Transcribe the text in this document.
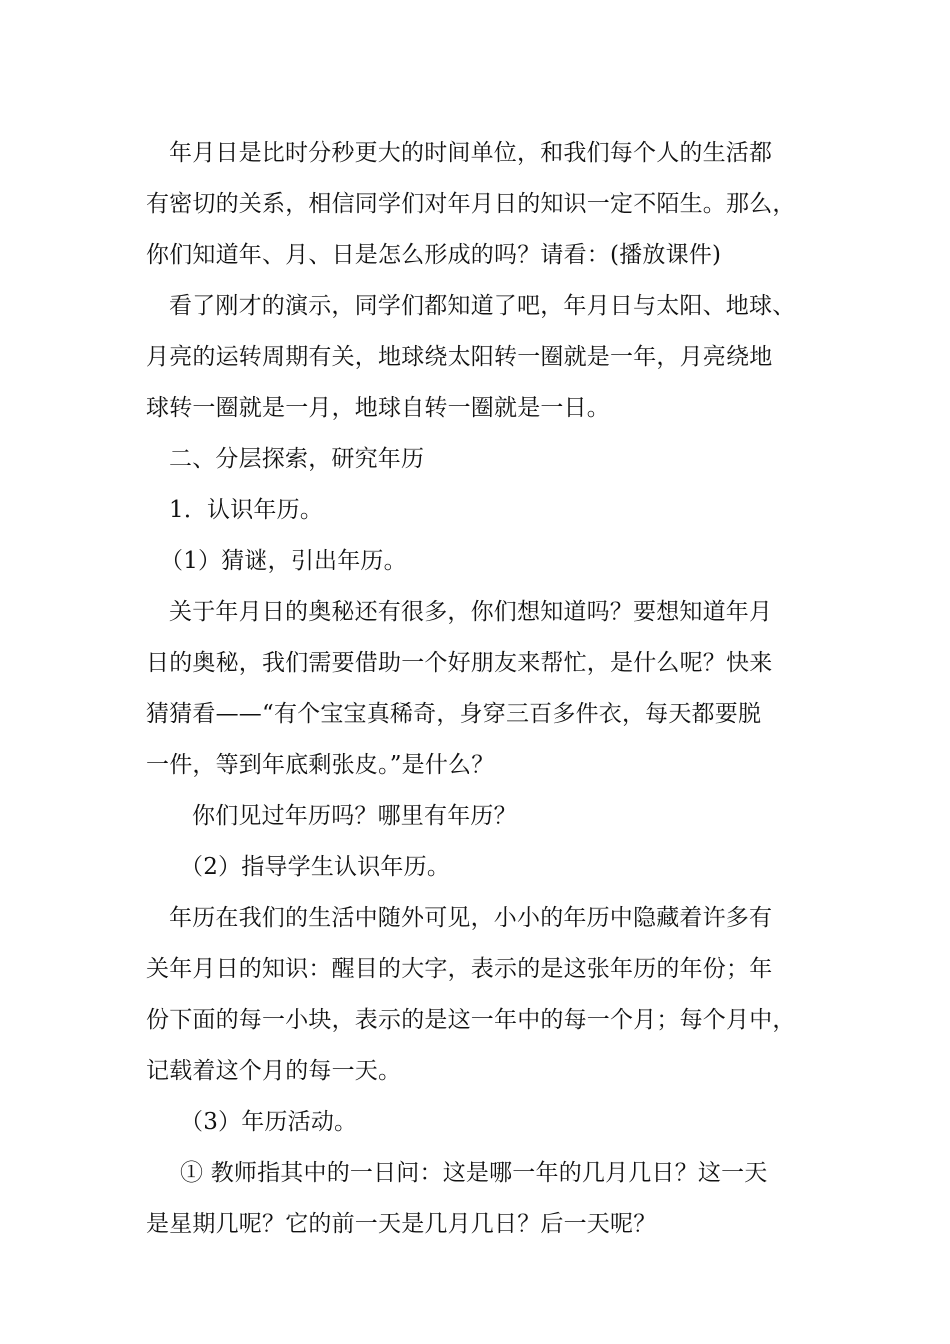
年月日是比时分秒更大的时间单位，和我们每个人的生活都
有密切的关系，相信同学们对年月日的知识一定不陌生。那么，
你们知道年、月、日是怎么形成的吗？请看：(播放课件)
看了刚才的演示，同学们都知道了吧，年月日与太阳、地球、
月亮的运转周期有关，地球绕太阳转一圈就是一年，月亮绕地
球转一圈就是一月，地球自转一圈就是一日。
二、分层探索，研究年历
1．认识年历。
（1）猜谜，引出年历。
关于年月日的奥秘还有很多，你们想知道吗？要想知道年月
日的奥秘，我们需要借助一个好朋友来帮忙，是什么呢？快来
猜猜看——“有个宝宝真稀奇，身穿三百多件衣，每天都要脱
一件，等到年底剩张皮。”是什么？
你们见过年历吗？哪里有年历？
（2）指导学生认识年历。
年历在我们的生活中随外可见，小小的年历中隐藏着许多有
关年月日的知识：醒目的大字，表示的是这张年历的年份；年
份下面的每一小块，表示的是这一年中的每一个月；每个月中，
记载着这个月的每一天。
（3）年历活动。
① 教师指其中的一日问：这是哪一年的几月几日？这一天
是星期几呢？它的前一天是几月几日？后一天呢？
